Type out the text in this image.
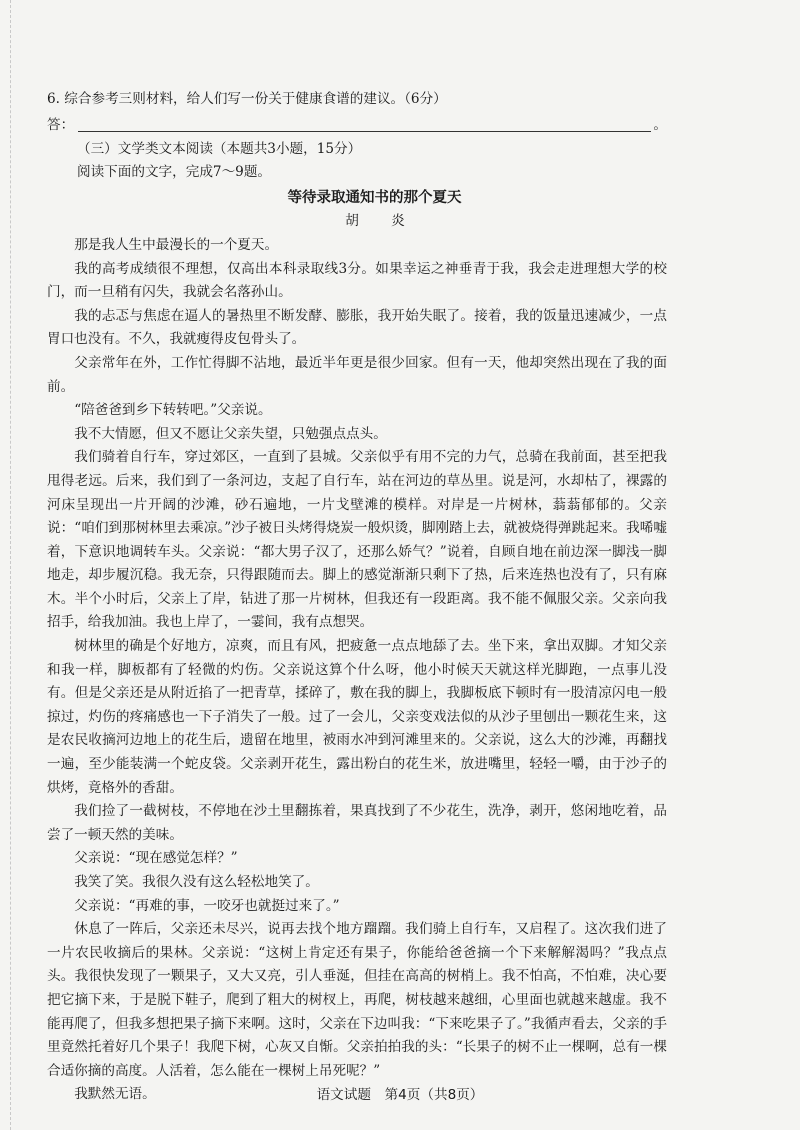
6. 综合参考三则材料，给人们写一份关于健康食谱的建议。（6分）

答：	。

（三）文学类文本阅读（本题共3小题，15分）

阅读下面的文字，完成7～9题。

等待录取通知书的那个夏天

胡 炎

那是我人生中最漫长的一个夏天。

我的高考成绩很不理想，仅高出本科录取线3分。如果幸运之神垂青于我，我会走进理想大学的校门，而一旦稍有闪失，我就会名落孙山。

我的忐忑与焦虑在逼人的暑热里不断发酵、膨胀，我开始失眠了。接着，我的饭量迅速减少，一点胃口也没有。不久，我就瘦得皮包骨头了。

父亲常年在外，工作忙得脚不沾地，最近半年更是很少回家。但有一天，他却突然出现在了我的面前。

“陪爸爸到乡下转转吧。”父亲说。

我不大情愿，但又不愿让父亲失望，只勉强点点头。

我们骑着自行车，穿过郊区，一直到了县城。父亲似乎有用不完的力气，总骑在我前面，甚至把我甩得老远。后来，我们到了一条河边，支起了自行车，站在河边的草丛里。说是河，水却枯了，裸露的河床呈现出一片开阔的沙滩，砂石遍地，一片戈壁滩的模样。对岸是一片树林，蓊蓊郁郁的。父亲说：“咱们到那树林里去乘凉。”沙子被日头烤得烧炭一般炽烫，脚刚踏上去，就被烧得弹跳起来。我唏嘘着，下意识地调转车头。父亲说：“都大男子汉了，还那么娇气？”说着，自顾自地在前边深一脚浅一脚地走，却步履沉稳。我无奈，只得跟随而去。脚上的感觉渐渐只剩下了热，后来连热也没有了，只有麻木。半个小时后，父亲上了岸，钻进了那一片树林，但我还有一段距离。我不能不佩服父亲。父亲向我招手，给我加油。我也上岸了，一霎间，我有点想哭。

树林里的确是个好地方，凉爽，而且有风，把疲惫一点点地舔了去。坐下来，拿出双脚。才知父亲和我一样，脚板都有了轻微的灼伤。父亲说这算个什么呀，他小时候天天就这样光脚跑，一点事儿没有。但是父亲还是从附近掐了一把青草，揉碎了，敷在我的脚上，我脚板底下顿时有一股清凉闪电一般掠过，灼伤的疼痛感也一下子消失了一般。过了一会儿，父亲变戏法似的从沙子里刨出一颗花生来，这是农民收摘河边地上的花生后，遗留在地里，被雨水冲到河滩里来的。父亲说，这么大的沙滩，再翻找一遍，至少能装满一个蛇皮袋。父亲剥开花生，露出粉白的花生米，放进嘴里，轻轻一嚼，由于沙子的烘烤，竟格外的香甜。

我们捡了一截树枝，不停地在沙土里翻拣着，果真找到了不少花生，洗净，剥开，悠闲地吃着，品尝了一顿天然的美味。

父亲说：“现在感觉怎样？”

我笑了笑。我很久没有这么轻松地笑了。

父亲说：“再难的事，一咬牙也就挺过来了。”

休息了一阵后，父亲还未尽兴，说再去找个地方蹓蹓。我们骑上自行车，又启程了。这次我们进了一片农民收摘后的果林。父亲说：“这树上肯定还有果子，你能给爸爸摘一个下来解解渴吗？”我点点头。我很快发现了一颗果子，又大又亮，引人垂涎，但挂在高高的树梢上。我不怕高，不怕难，决心要把它摘下来，于是脱下鞋子，爬到了粗大的树杈上，再爬，树枝越来越细，心里面也就越来越虚。我不能再爬了，但我多想把果子摘下来啊。这时，父亲在下边叫我：“下来吃果子了。”我循声看去，父亲的手里竟然托着好几个果子！我爬下树，心灰又自惭。父亲拍拍我的头：“长果子的树不止一棵啊，总有一棵合适你摘的高度。人活着，怎么能在一棵树上吊死呢？”

我默然无语。	语文试题　第4页（共8页）
